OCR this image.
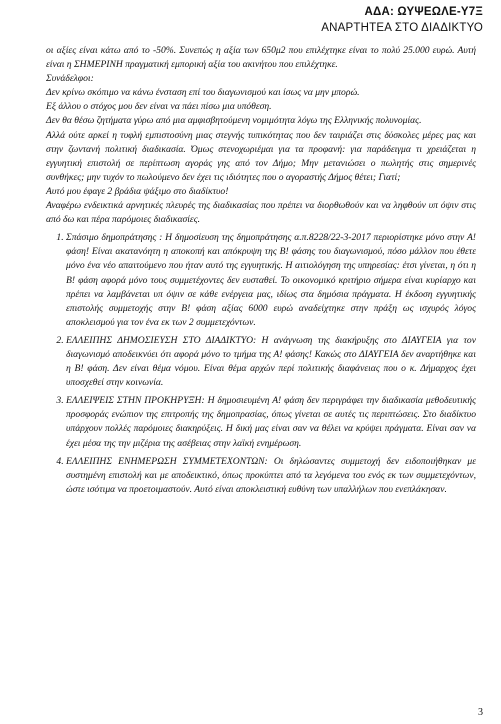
ΑΔΑ: ΩΥΨΕΩΛΕ-Υ7Ξ
ΑΝΑΡΤΗΤΕΑ ΣΤΟ ΔΙΑΔΙΚΤΥΟ

οι αξίες είναι κάτω από το -50%. Συνεπώς η αξία των 650μ2 που επιλέχτηκε είναι το πολύ 25.000 ευρώ. Αυτή είναι η ΣΗΜΕΡΙΝΗ πραγματική εμπορική αξία του ακινήτου που επιλέχτηκε.

Συνάδελφοι:

Δεν κρίνω σκόπιμο να κάνω ένσταση επί του διαγωνισμού και ίσως να μην μπορώ.

Εξ άλλου ο στόχος μου δεν είναι να πάει πίσω μια υπόθεση.

Δεν θα θέσω ζητήματα γύρω από μια αμφισβητούμενη νομιμότητα λόγω της Ελληνικής πολυνομίας.

Αλλά ούτε αρκεί η τυφλή εμπιστοσύνη μιας στεγνής τυπικότητας που δεν ταιριάζει στις δύσκολες μέρες μας και στην ζωντανή πολιτική διαδικασία. Όμως στενοχωριέμαι για τα προφανή: για παράδειγμα τι χρειάζεται η εγγυητική επιστολή σε περίπτωση αγοράς γης από τον Δήμο; Μην μετανιώσει ο πωλητής στις σημερινές συνθήκες; μην τυχόν το πωλούμενο δεν έχει τις ιδιότητες που ο αγοραστής Δήμος θέτει; Γιατί;

Αυτό μου έφαγε 2 βράδια ψάξιμο στο διαδίκτυο!

Αναφέρω ενδεικτικά αρνητικές πλευρές της διαδικασίας που πρέπει να διορθωθούν και να ληφθούν υπ όψιν στις από δω και πέρα παρόμοιες διαδικασίες.

1. Σπάσιμο δημοπράτησης : Η δημοσίευση της δημοπράτησης α.π.8228/22-3-2017 περιορίστηκε μόνο στην Α! φάση! Είναι ακατανόητη η αποκοπή και απόκρυψη της Β! φάσης του διαγωνισμού, πόσο μάλλον που έθετε μόνο ένα νέο απαιτούμενο που ήταν αυτό της εγγυητικής. Η αιτιολόγηση της υπηρεσίας: έτσι γίνεται, η ότι η Β! φάση αφορά μόνο τους συμμετέχοντες δεν ευσταθεί. Το οικονομικό κριτήριο σήμερα είναι κυρίαρχο και πρέπει να λαμβάνεται υπ όψιν σε κάθε ενέργεια μας, ιδίως στα δημόσια πράγματα. Η έκδοση εγγυητικής επιστολής συμμετοχής στην Β! φάση αξίας 6000 ευρώ αναδείχτηκε στην πράξη ως ισχυρός λόγος αποκλεισμού για τον ένα εκ των 2 συμμετεχόντων.
2. ΕΛΛΕΙΠΗΣ ΔΗΜΟΣΙΕΥΣΗ ΣΤΟ ΔΙΑΔΙΚΤΥΟ: Η ανάγνωση της διακήρυξης στο ΔΙΑΥΓΕΙΑ για τον διαγωνισμό αποδεικνύει ότι αφορά μόνο το τμήμα της Α! φάσης! Κακώς στο ΔΙΑΥΓΕΙΑ δεν αναρτήθηκε και η Β! φάση. Δεν είναι θέμα νόμου. Είναι θέμα αρχών περί πολιτικής διαφάνειας που ο κ. Δήμαρχος έχει υποσχεθεί στην κοινωνία.
3. ΕΛΛΕΙΨΕΙΣ ΣΤΗΝ ΠΡΟΚΗΡΥΞΗ: Η δημοσιευμένη Α! φάση δεν περιγράφει την διαδικασία μεθοδευτικής προσφοράς ενώπιον της επιτροπής της δημοπρασίας, όπως γίνεται σε αυτές τις περιπτώσεις. Στο διαδίκτυο υπάρχουν πολλές παρόμοιες διακηρύξεις. Η δική μας είναι σαν να θέλει να κρύψει πράγματα. Είναι σαν να έχει μέσα της την μιζέρια της ασέβειας στην λαϊκή ενημέρωση.
4. ΕΛΛΕΙΠΗΣ ΕΝΗΜΕΡΩΣΗ ΣΥΜΜΕΤΕΧΟΝΤΩΝ: Οι δηλώσαντες συμμετοχή δεν ειδοποιήθηκαν με συστημένη επιστολή και με αποδεικτικό, όπως προκύπτει από τα λεγόμενα του ενός εκ των συμμετεχόντων, ώστε ισότιμα να προετοιμαστούν. Αυτό είναι αποκλειστική ευθύνη των υπαλλήλων που ενεπλάκησαν.
3
